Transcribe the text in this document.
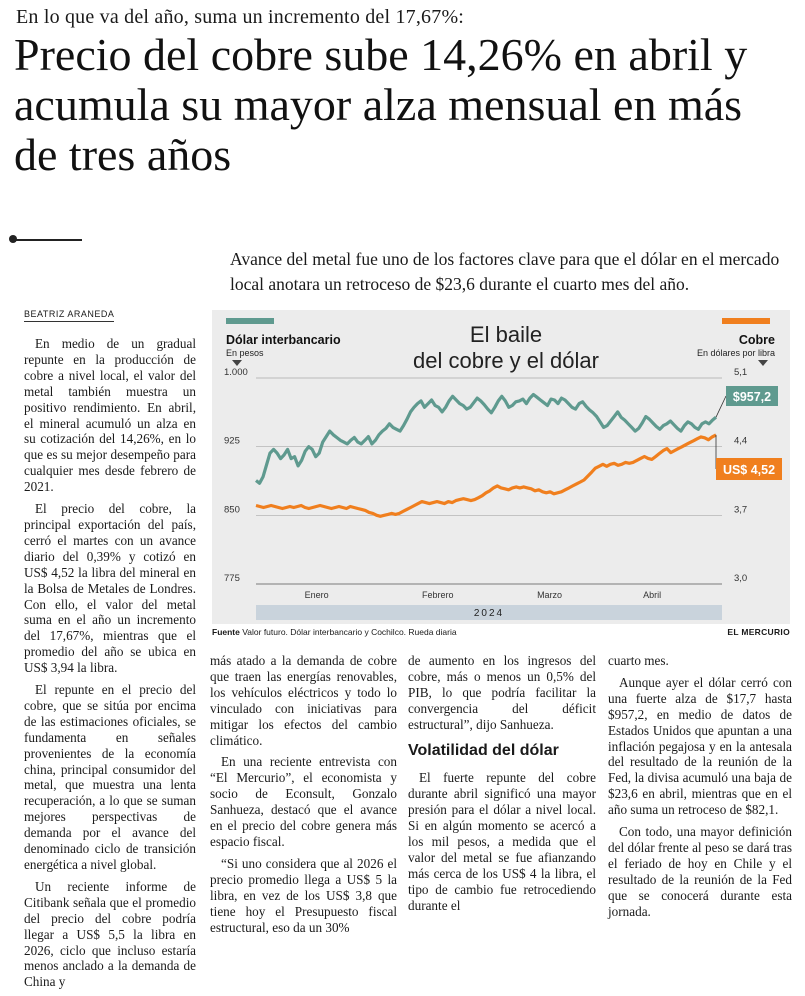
En lo que va del año, suma un incremento del 17,67%:
Precio del cobre sube 14,26% en abril y acumula su mayor alza mensual en más de tres años
Avance del metal fue uno de los factores clave para que el dólar en el mercado local anotara un retroceso de $23,6 durante el cuarto mes del año.
BEATRIZ ARANEDA

En medio de un gradual repunte en la producción de cobre a nivel local, el valor del metal también muestra un positivo rendimiento. En abril, el mineral acumuló un alza en su cotización del 14,26%, en lo que es su mejor desempeño para cualquier mes desde febrero de 2021.

El precio del cobre, la principal exportación del país, cerró el martes con un avance diario del 0,39% y cotizó en US$ 4,52 la libra del mineral en la Bolsa de Metales de Londres. Con ello, el valor del metal suma en el año un incremento del 17,67%, mientras que el promedio del año se ubica en US$ 3,94 la libra.

El repunte en el precio del cobre, que se sitúa por encima de las estimaciones oficiales, se fundamenta en señales provenientes de la economía china, principal consumidor del metal, que muestra una lenta recuperación, a lo que se suman mejores perspectivas de demanda por el avance del denominado ciclo de transición energética a nivel global.

Un reciente informe de Citibank señala que el promedio del precio del cobre podría llegar a US$ 5,5 la libra en 2026, ciclo que incluso estaría menos anclado a la demanda de China y

Dólar interbancario
En pesos
Cobre
En dólares por libra
El baile
del cobre y el dólar
1.000
925
850
775
5,1
4,4
3,7
3,0
Enero	Febrero	Marzo	Abril
2024
$957,2
US$ 4,52
Fuente Valor futuro. Dólar interbancario y Cochilco. Rueda diaria	EL MERCURIO

más atado a la demanda de cobre que traen las energías renovables, los vehículos eléctricos y todo lo vinculado con iniciativas para mitigar los efectos del cambio climático.

En una reciente entrevista con “El Mercurio”, el economista y socio de Econsult, Gonzalo Sanhueza, destacó que el avance en el precio del cobre genera más espacio fiscal.

“Si uno considera que al 2026 el precio promedio llega a US$ 5 la libra, en vez de los US$ 3,8 que tiene hoy el Presupuesto fiscal estructural, eso da un 30%

de aumento en los ingresos del cobre, más o menos un 0,5% del PIB, lo que podría facilitar la convergencia del déficit estructural”, dijo Sanhueza.

Volatilidad del dólar

El fuerte repunte del cobre durante abril significó una mayor presión para el dólar a nivel local. Si en algún momento se acercó a los mil pesos, a medida que el valor del metal se fue afianzando más cerca de los US$ 4 la libra, el tipo de cambio fue retrocediendo durante el

cuarto mes.

Aunque ayer el dólar cerró con una fuerte alza de $17,7 hasta $957,2, en medio de datos de Estados Unidos que apuntan a una inflación pegajosa y en la antesala del resultado de la reunión de la Fed, la divisa acumuló una baja de $23,6 en abril, mientras que en el año suma un retroceso de $82,1.

Con todo, una mayor definición del dólar frente al peso se dará tras el feriado de hoy en Chile y el resultado de la reunión de la Fed que se conocerá durante esta jornada.
